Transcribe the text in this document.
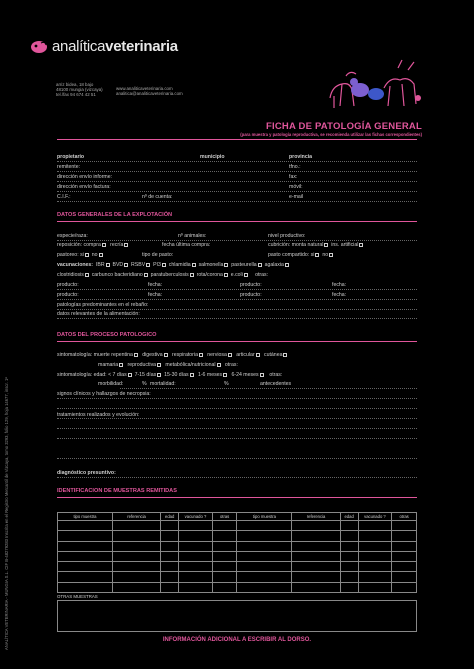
analíticaveterinaria
arriz bidea, 18 bajo
48100 mungia (vizcaya)
tel./fax 94 674 42 51
www.analiticaveterinaria.com
analitica@analiticaveterinaria.com
ANALÍTICA VETERINARIA - MUNGIA S.L. CIF B-48279283 Inscrita en el Registro Mercantil de Vizcaya, tomo 3293, folio 129, hoja 14677, inscr. 1ª
FICHA DE PATOLOGÍA GENERAL
(para muestra y patología reproductiva, se recomienda utilizar las fichas correspondientes)
propietario	municipio	provincia
remitente:	tfno.:
dirección envío informe:	fax:
dirección envío factura:	móvil:
C.I.F.:	nº de cuenta:	e-mail
DATOS GENERALES DE LA EXPLOTACIÓN
especie/raza:	nº animales:	nivel productivo:
reposición: compra recría	fecha última compra:	cubrición: monta natural ins. artificial
pastoreo: si no	tipo de pasto:	pasto compartido: si no
vacunaciones: IBR BVD RSBV PI3 chlamidia salmonella pasteurella agalaxia
clostridiosis carbunco bacteridiano paratuberculosis rota/corona e.coli otras:
producto:	fecha:	producto:	fecha:
producto:	fecha:	producto:	fecha:
patologías predominantes en el rebaño:
datos relevantes de la alimentación:
DATOS DEL PROCESO PATOLOGICO
sintomatología: muerte repentina digestiva respiratoria nerviosa articular cutánea
mamaria reproductiva metabólica/nutricional otras:
sintomatología: edad: < 7 días 7-15 días 15-30 días 1-6 meses 6-24 meses otras:
morbilidad:	% mortalidad:	%	antecedentes
signos clínicos y hallazgos de necropsia:
tratamientos realizados y evolución:
diagnóstico presuntivo:
IDENTIFICACION DE MUESTRAS REMITIDAS
tipo muestra	referencia	edad	vacunado ?	otras	tipo muestra	referencia	edad	vacunado ?	otras

OTRAS MUESTRAS
INFORMACIÓN ADICIONAL A ESCRIBIR AL DORSO.
